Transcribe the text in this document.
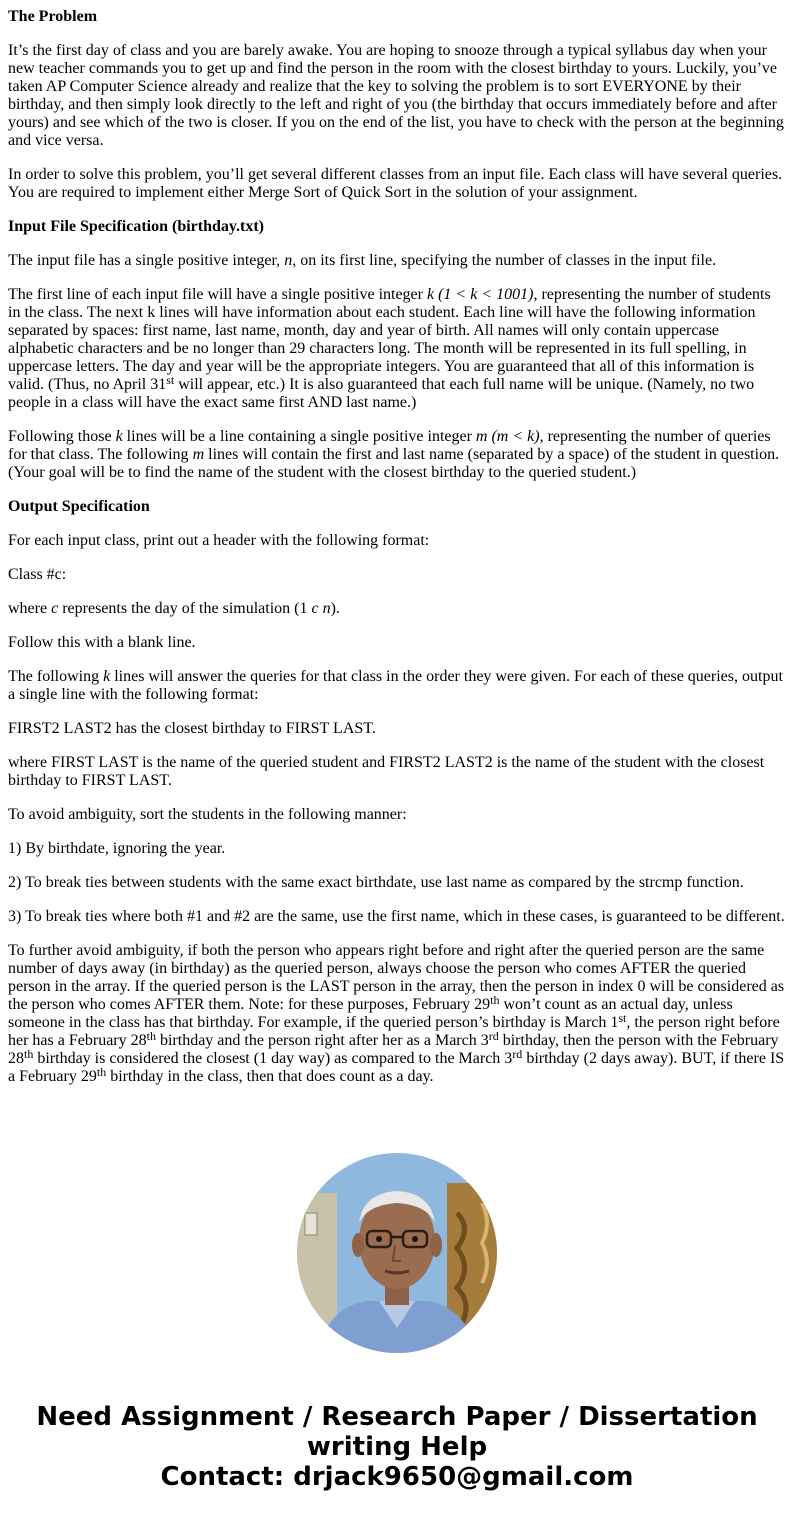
The Problem

It’s the first day of class and you are barely awake. You are hoping to snooze through a typical syllabus day when your new teacher commands you to get up and find the person in the room with the closest birthday to yours. Luckily, you’ve taken AP Computer Science already and realize that the key to solving the problem is to sort EVERYONE by their birthday, and then simply look directly to the left and right of you (the birthday that occurs immediately before and after yours) and see which of the two is closer. If you on the end of the list, you have to check with the person at the beginning and vice versa.

In order to solve this problem, you’ll get several different classes from an input file. Each class will have several queries. You are required to implement either Merge Sort of Quick Sort in the solution of your assignment.

Input File Specification (birthday.txt)

The input file has a single positive integer, n, on its first line, specifying the number of classes in the input file.

The first line of each input file will have a single positive integer k (1 < k < 1001), representing the number of students in the class. The next k lines will have information about each student. Each line will have the following information separated by spaces: first name, last name, month, day and year of birth. All names will only contain uppercase alphabetic characters and be no longer than 29 characters long. The month will be represented in its full spelling, in uppercase letters. The day and year will be the appropriate integers. You are guaranteed that all of this information is valid. (Thus, no April 31st will appear, etc.) It is also guaranteed that each full name will be unique. (Namely, no two people in a class will have the exact same first AND last name.)

Following those k lines will be a line containing a single positive integer m (m < k), representing the number of queries for that class. The following m lines will contain the first and last name (separated by a space) of the student in question. (Your goal will be to find the name of the student with the closest birthday to the queried student.)

Output Specification

For each input class, print out a header with the following format:

Class #c:

where c represents the day of the simulation (1 c n).

Follow this with a blank line.

The following k lines will answer the queries for that class in the order they were given. For each of these queries, output a single line with the following format:

FIRST2 LAST2 has the closest birthday to FIRST LAST.

where FIRST LAST is the name of the queried student and FIRST2 LAST2 is the name of the student with the closest birthday to FIRST LAST.

To avoid ambiguity, sort the students in the following manner:

1) By birthdate, ignoring the year.

2) To break ties between students with the same exact birthdate, use last name as compared by the strcmp function.

3) To break ties where both #1 and #2 are the same, use the first name, which in these cases, is guaranteed to be different.

To further avoid ambiguity, if both the person who appears right before and right after the queried person are the same number of days away (in birthday) as the queried person, always choose the person who comes AFTER the queried person in the array. If the queried person is the LAST person in the array, then the person in index 0 will be considered as the person who comes AFTER them. Note: for these purposes, February 29th won’t count as an actual day, unless someone in the class has that birthday. For example, if the queried person’s birthday is March 1st, the person right before her has a February 28th birthday and the person right after her as a March 3rd birthday, then the person with the February 28th birthday is considered the closest (1 day way) as compared to the March 3rd birthday (2 days away). BUT, if there IS a February 29th birthday in the class, then that does count as a day.

Need Assignment / Research Paper / Dissertation
writing Help
Contact: drjack9650@gmail.com
